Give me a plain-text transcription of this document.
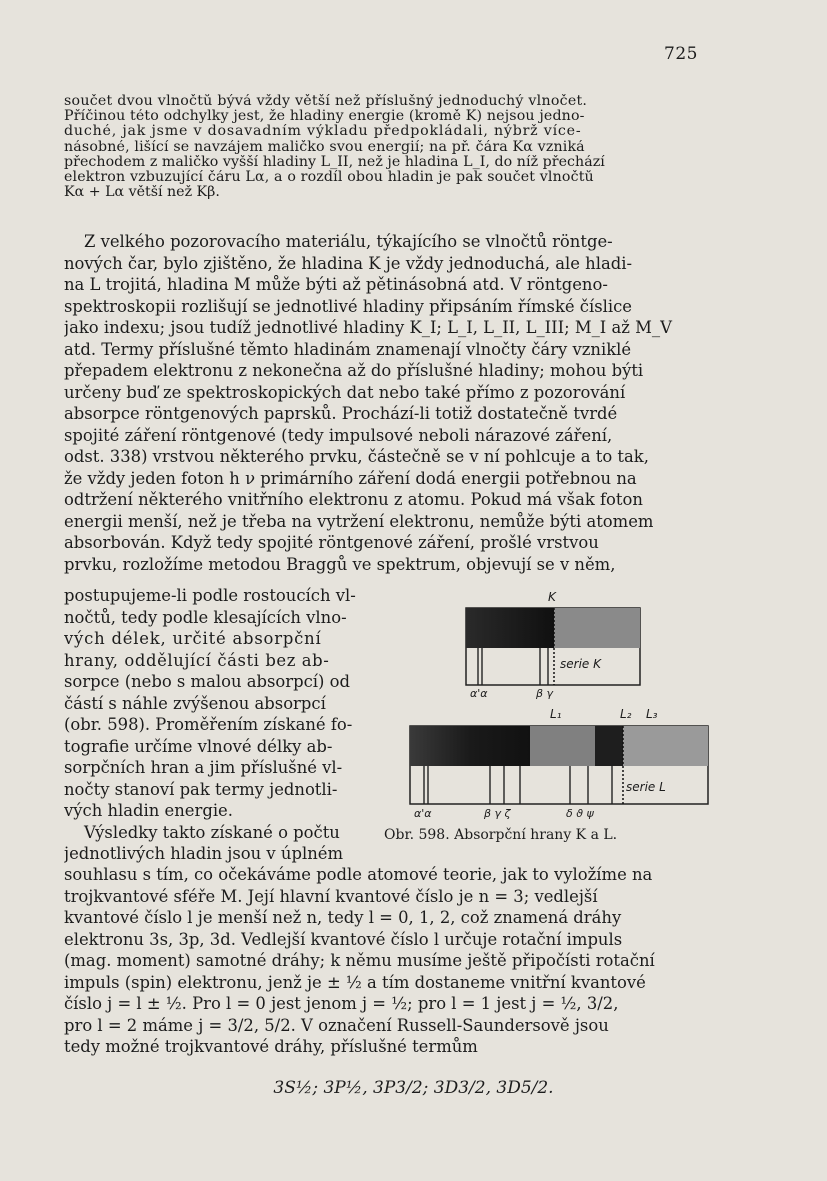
725
součet dvou vlnočtů bývá vždy větší než příslušný jednoduchý vlnočet.
Příčinou této odchylky jest, že hladiny energie (kromě K) nejsou jedno-
duché, jak jsme v dosavadním výkladu předpokládali, nýbrž více-
násobné, lišící se navzájem maličko svou energií; na př. čára Kα vzniká
přechodem z maličko vyšší hladiny L_II, než je hladina L_I, do níž přechází
elektron vzbuzující čáru Lα, a o rozdíl obou hladin je pak součet vlnočtů
Kα + Lα větší než Kβ.
Z velkého pozorovacího materiálu, týkajícího se vlnočtů röntge-
nových čar, bylo zjištěno, že hladina K je vždy jednoduchá, ale hladi-
na L trojitá, hladina M může býti až pětinásobná atd. V röntgeno-
spektroskopii rozlišují se jednotlivé hladiny připsáním římské číslice
jako indexu; jsou tudíž jednotlivé hladiny K_I; L_I, L_II, L_III; M_I až M_V
atd. Termy příslušné těmto hladinám znamenají vlnočty čáry vzniklé
přepadem elektronu z nekonečna až do příslušné hladiny; mohou býti
určeny buď ze spektroskopických dat nebo také přímo z pozorování
absorpce röntgenových paprsků. Prochází-li totiž dostatečně tvrdé
spojité záření röntgenové (tedy impulsové neboli nárazové záření,
odst. 338) vrstvou některého prvku, částečně se v ní pohlcuje a to tak,
že vždy jeden foton h ν primárního záření dodá energii potřebnou na
odtržení některého vnitřního elektronu z atomu. Pokud má však foton
energii menší, než je třeba na vytržení elektronu, nemůže býti atomem
absorbován. Když tedy spojité röntgenové záření, prošlé vrstvou
prvku, rozložíme metodou Braggů ve spektrum, objevují se v něm,
postupujeme-li podle rostoucích vl-
nočtů, tedy podle klesajících vlno-
vých délek, určité absorpční
hrany, oddělující části bez ab-
sorpce (nebo s malou absorpcí) od
částí s náhle zvýšenou absorpcí
(obr. 598). Proměřením získané fo-
tografie určíme vlnové délky ab-
sorpčních hran a jim příslušné vl-
nočty stanoví pak termy jednotli-
vých hladin energie.
Výsledky takto získané o počtu
jednotlivých hladin jsou v úplném
souhlasu s tím, co očekáváme podle atomové teorie, jak to vyložíme na
trojkvantové sféře M. Její hlavní kvantové číslo je n = 3; vedlejší
kvantové číslo l je menší než n, tedy l = 0, 1, 2, což znamená dráhy
elektronu 3s, 3p, 3d. Vedlejší kvantové číslo l určuje rotační impuls
(mag. moment) samotné dráhy; k němu musíme ještě připočísti rotační
impuls (spin) elektronu, jenž je ± ½ a tím dostaneme vnitřní kvantové
číslo j = l ± ½. Pro l = 0 jest jenom j = ½; pro l = 1 jest j = ½, 3/2,
pro l = 2 máme j = 3/2, 5/2. V označení Russell-Saundersově jsou
tedy možné trojkvantové dráhy, příslušné termům
3S½; 3P½, 3P3/2; 3D3/2, 3D5/2.
K
serie K
α'α	β γ
L₁	L₂ L₃
serie L
α'α	β γ ζ	δ ϑ ψ
Obr. 598. Absorpční hrany K a L.
